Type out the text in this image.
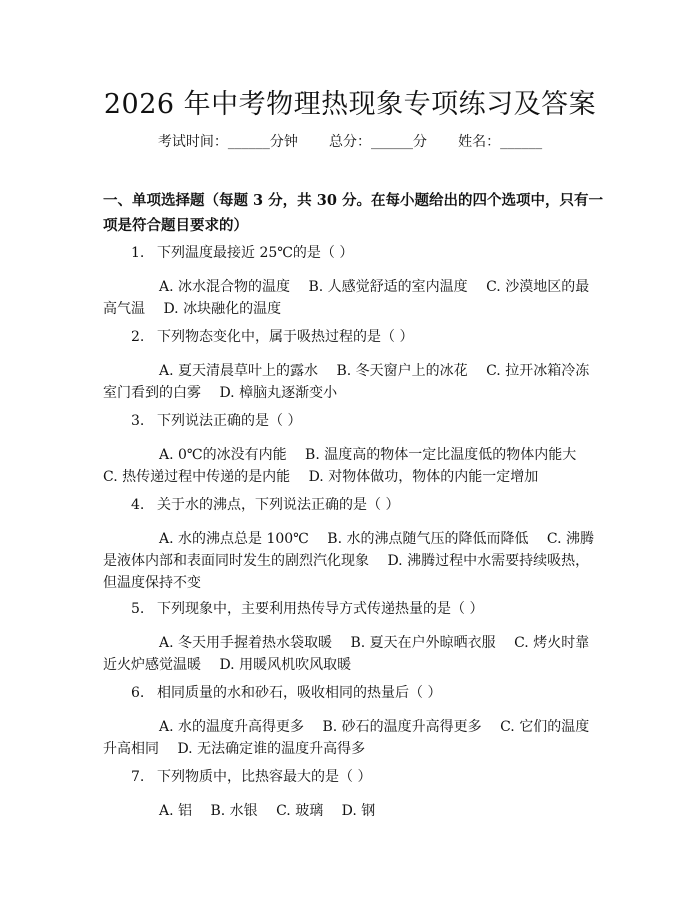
2026 年中考物理热现象专项练习及答案
考试时间：______分钟 总分：______分 姓名：______
一、单项选择题（每题 3 分，共 30 分。在每小题给出的四个选项中，只有一项是符合题目要求的）
1. 下列温度最接近 25℃的是（ ）
A. 冰水混合物的温度　 B. 人感觉舒适的室内温度　 C. 沙漠地区的最高气温　 D. 冰块融化的温度
2. 下列物态变化中，属于吸热过程的是（ ）
A. 夏天清晨草叶上的露水　 B. 冬天窗户上的冰花　 C. 拉开冰箱冷冻室门看到的白雾　 D. 樟脑丸逐渐变小
3. 下列说法正确的是（ ）
A. 0℃的冰没有内能　 B. 温度高的物体一定比温度低的物体内能大　 C. 热传递过程中传递的是内能　 D. 对物体做功，物体的内能一定增加
4. 关于水的沸点，下列说法正确的是（ ）
A. 水的沸点总是 100℃　 B. 水的沸点随气压的降低而降低　 C. 沸腾是液体内部和表面同时发生的剧烈汽化现象　 D. 沸腾过程中水需要持续吸热，但温度保持不变
5. 下列现象中，主要利用热传导方式传递热量的是（ ）
A. 冬天用手握着热水袋取暖　 B. 夏天在户外晾晒衣服　 C. 烤火时靠近火炉感觉温暖　 D. 用暖风机吹风取暖
6. 相同质量的水和砂石，吸收相同的热量后（ ）
A. 水的温度升高得更多　 B. 砂石的温度升高得更多　 C. 它们的温度升高相同　 D. 无法确定谁的温度升高得多
7. 下列物质中，比热容最大的是（ ）
A. 铝　 B. 水银　 C. 玻璃　 D. 钢
